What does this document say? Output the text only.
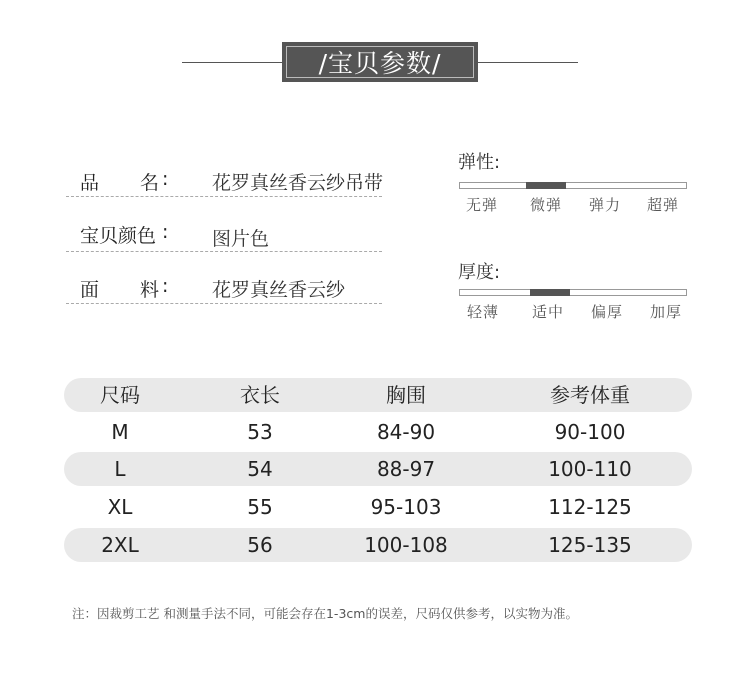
/宝贝参数/
品 名 : 花罗真丝香云纱吊带
宝贝颜色 : 图片色
面 料 : 花罗真丝香云纱
弹性:
无弹	微弹	弹力	超弹
厚度:
轻薄	适中	偏厚	加厚
尺码	衣长	胸围	参考体重
M	53	84-90	90-100
L	54	88-97	100-110
XL	55	95-103	112-125
2XL	56	100-108	125-135
注：因裁剪工艺 和测量手法不同，可能会存在1-3cm的误差，尺码仅供参考，以实物为准。
